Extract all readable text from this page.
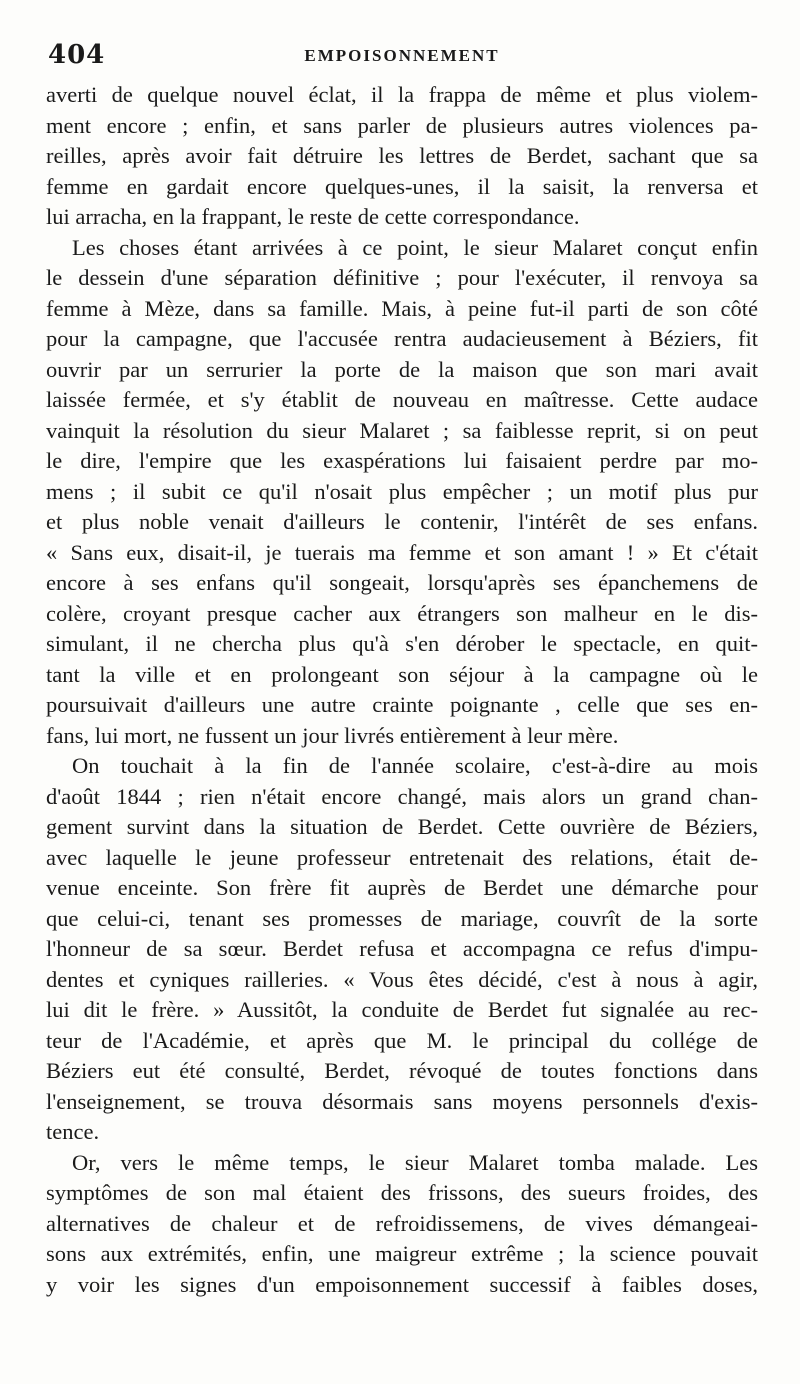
404	EMPOISONNEMENT
averti de quelque nouvel éclat, il la frappa de même et plus violem-
ment encore ; enfin, et sans parler de plusieurs autres violences pa-
reilles, après avoir fait détruire les lettres de Berdet, sachant que sa
femme en gardait encore quelques-unes, il la saisit, la renversa et
lui arracha, en la frappant, le reste de cette correspondance.
Les choses étant arrivées à ce point, le sieur Malaret conçut enfin
le dessein d'une séparation définitive ; pour l'exécuter, il renvoya sa
femme à Mèze, dans sa famille. Mais, à peine fut-il parti de son côté
pour la campagne, que l'accusée rentra audacieusement à Béziers, fit
ouvrir par un serrurier la porte de la maison que son mari avait
laissée fermée, et s'y établit de nouveau en maîtresse. Cette audace
vainquit la résolution du sieur Malaret ; sa faiblesse reprit, si on peut
le dire, l'empire que les exaspérations lui faisaient perdre par mo-
mens ; il subit ce qu'il n'osait plus empêcher ; un motif plus pur
et plus noble venait d'ailleurs le contenir, l'intérêt de ses enfans.
« Sans eux, disait-il, je tuerais ma femme et son amant ! » Et c'était
encore à ses enfans qu'il songeait, lorsqu'après ses épanchemens de
colère, croyant presque cacher aux étrangers son malheur en le dis-
simulant, il ne chercha plus qu'à s'en dérober le spectacle, en quit-
tant la ville et en prolongeant son séjour à la campagne où le
poursuivait d'ailleurs une autre crainte poignante , celle que ses en-
fans, lui mort, ne fussent un jour livrés entièrement à leur mère.
On touchait à la fin de l'année scolaire, c'est-à-dire au mois
d'août 1844 ; rien n'était encore changé, mais alors un grand chan-
gement survint dans la situation de Berdet. Cette ouvrière de Béziers,
avec laquelle le jeune professeur entretenait des relations, était de-
venue enceinte. Son frère fit auprès de Berdet une démarche pour
que celui-ci, tenant ses promesses de mariage, couvrît de la sorte
l'honneur de sa sœur. Berdet refusa et accompagna ce refus d'impu-
dentes et cyniques railleries. « Vous êtes décidé, c'est à nous à agir,
lui dit le frère. » Aussitôt, la conduite de Berdet fut signalée au rec-
teur de l'Académie, et après que M. le principal du collége de
Béziers eut été consulté, Berdet, révoqué de toutes fonctions dans
l'enseignement, se trouva désormais sans moyens personnels d'exis-
tence.
Or, vers le même temps, le sieur Malaret tomba malade. Les
symptômes de son mal étaient des frissons, des sueurs froides, des
alternatives de chaleur et de refroidissemens, de vives démangeai-
sons aux extrémités, enfin, une maigreur extrême ; la science pouvait
y voir les signes d'un empoisonnement successif à faibles doses,
